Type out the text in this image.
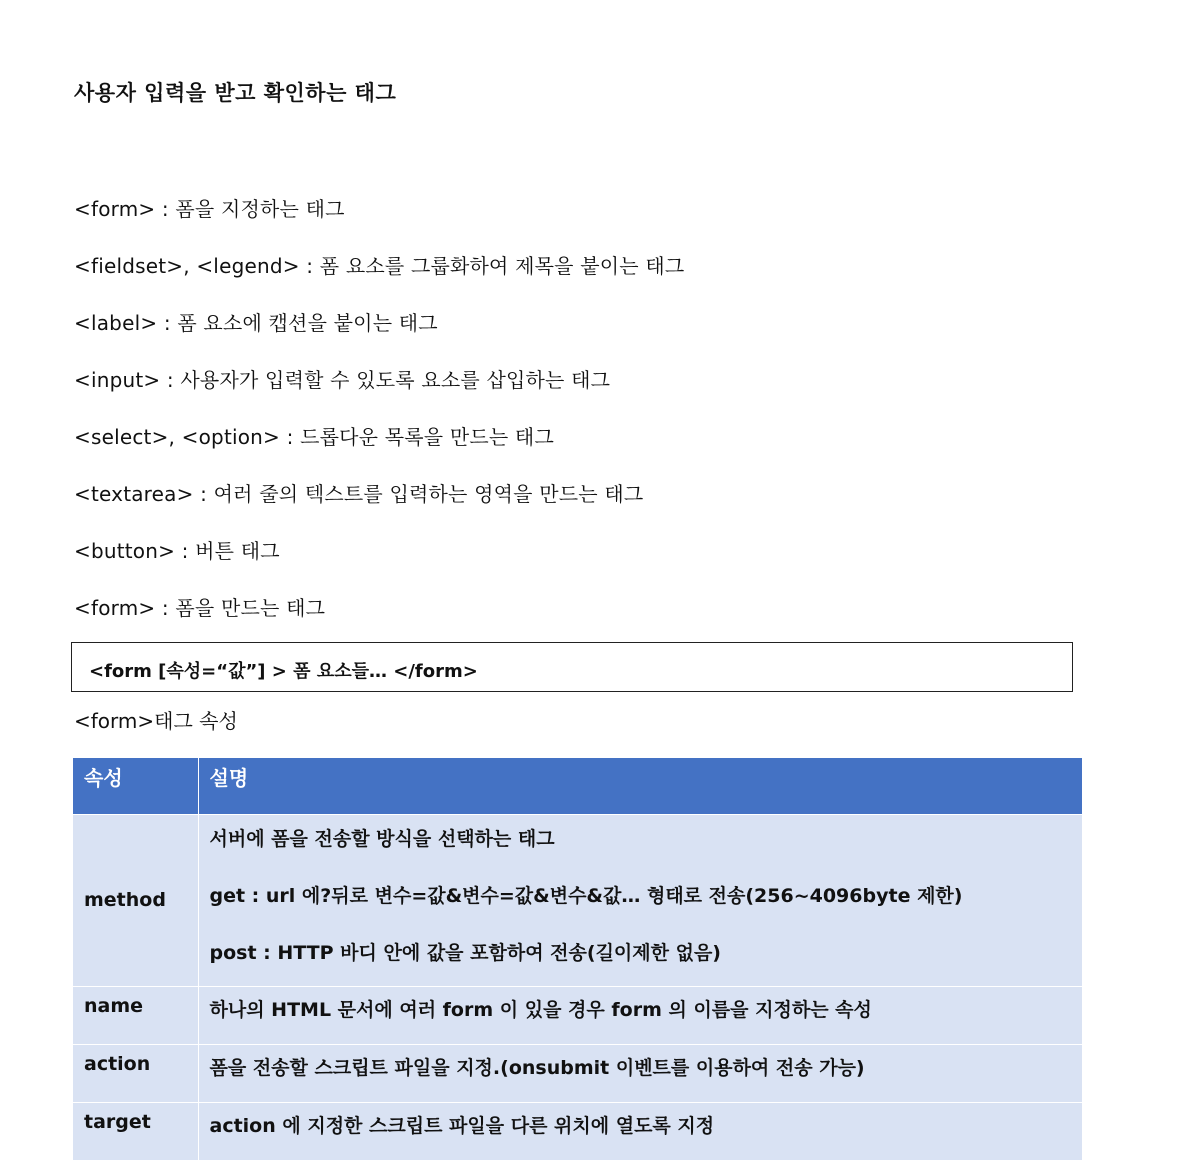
사용자 입력을 받고 확인하는 태그
<form> : 폼을 지정하는 태그
<fieldset>, <legend> : 폼 요소를 그룹화하여 제목을 붙이는 태그
<label> : 폼 요소에 캡션을 붙이는 태그
<input> : 사용자가 입력할 수 있도록 요소를 삽입하는 태그
<select>, <option> : 드롭다운 목록을 만드는 태그
<textarea> : 여러 줄의 텍스트를 입력하는 영역을 만드는 태그
<button> : 버튼 태그
<form> : 폼을 만드는 태그
<form [속성=“값”] > 폼 요소들… </form>
<form>태그 속성
속성	설명
method	서버에 폼을 전송할 방식을 선택하는 태그
get : url 에?뒤로 변수=값&변수=값&변수&값… 형태로 전송(256~4096byte 제한)
post : HTTP 바디 안에 값을 포함하여 전송(길이제한 없음)

name	하나의 HTML 문서에 여러 form 이 있을 경우 form 의 이름을 지정하는 속성
action	폼을 전송할 스크립트 파일을 지정.(onsubmit 이벤트를 이용하여 전송 가능)
target	action 에 지정한 스크립트 파일을 다른 위치에 열도록 지정
